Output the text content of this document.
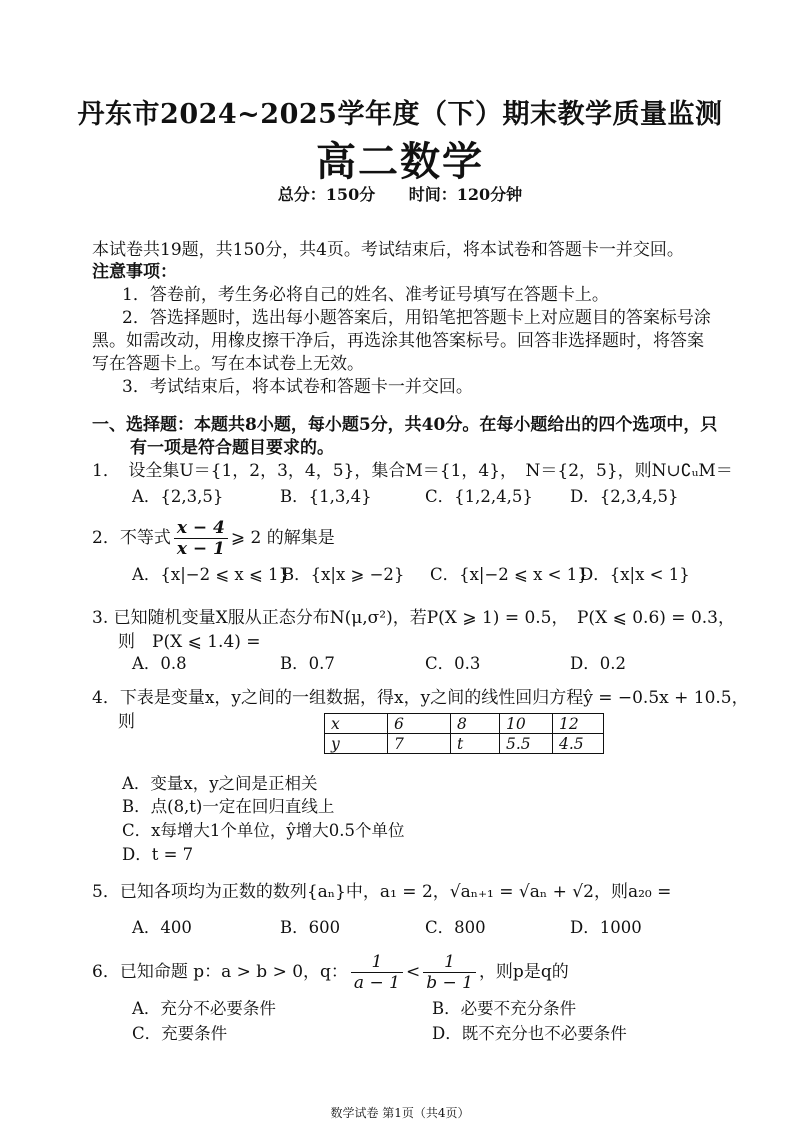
丹东市2024~2025学年度（下）期末教学质量监测
高二数学
总分：150分 时间：120分钟
本试卷共19题，共150分，共4页。考试结束后，将本试卷和答题卡一并交回。
注意事项：
1．答卷前，考生务必将自己的姓名、准考证号填写在答题卡上。
2．答选择题时，选出每小题答案后，用铅笔把答题卡上对应题目的答案标号涂
黑。如需改动，用橡皮擦干净后，再选涂其他答案标号。回答非选择题时，将答案
写在答题卡上。写在本试卷上无效。
3．考试结束后，将本试卷和答题卡一并交回。
一、选择题：本题共8小题，每小题5分，共40分。在每小题给出的四个选项中，只
有一项是符合题目要求的。
1．　设全集U＝{1，2，3，4，5}，集合M＝{1，4}，　N＝{2，5}，则N∪∁ᵤM＝
A．{2,3,5}	B．{1,3,4}	C．{1,2,4,5} D．{2,3,4,5}
2．不等式 $\frac{x - 4}{x - 1}$ ⩾ 2 的解集是
A．{x|−2 ⩽ x ⩽ 1}
B．{x|x ⩾ −2} C．{x|−2 ⩽ x < 1}
D．{x|x < 1}
3. 已知随机变量X服从正态分布N(μ,σ²)，若P(X ⩾ 1) = 0.5，　P(X ⩽ 0.6) = 0.3，
则　P(X ⩽ 1.4) =
A．0.8	B．0.7	C．0.3	D．0.2
4．下表是变量x，y之间的一组数据，得x，y之间的线性回归方程ŷ = −0.5x + 10.5，
则	x	6	8	10	12
y	7	t	5.5	4.5
A．变量x，y之间是正相关
B．点(8,t)一定在回归直线上
C．x每增大1个单位，ŷ增大0.5个单位
D．t = 7
5．已知各项均为正数的数列{aₙ}中，a₁ = 2，√aₙ₊₁ = √aₙ + √2，则a₂₀ =
A．400	B．600	C．800	D．1000
6．已知命题 p：a > b > 0，q： $\frac{1}{a - 1} < \frac{1}{b - 1}$ ，则p是q的
A．充分不必要条件	B．必要不充分条件
C．充要条件	D．既不充分也不必要条件
数学试卷 第1页（共4页）
